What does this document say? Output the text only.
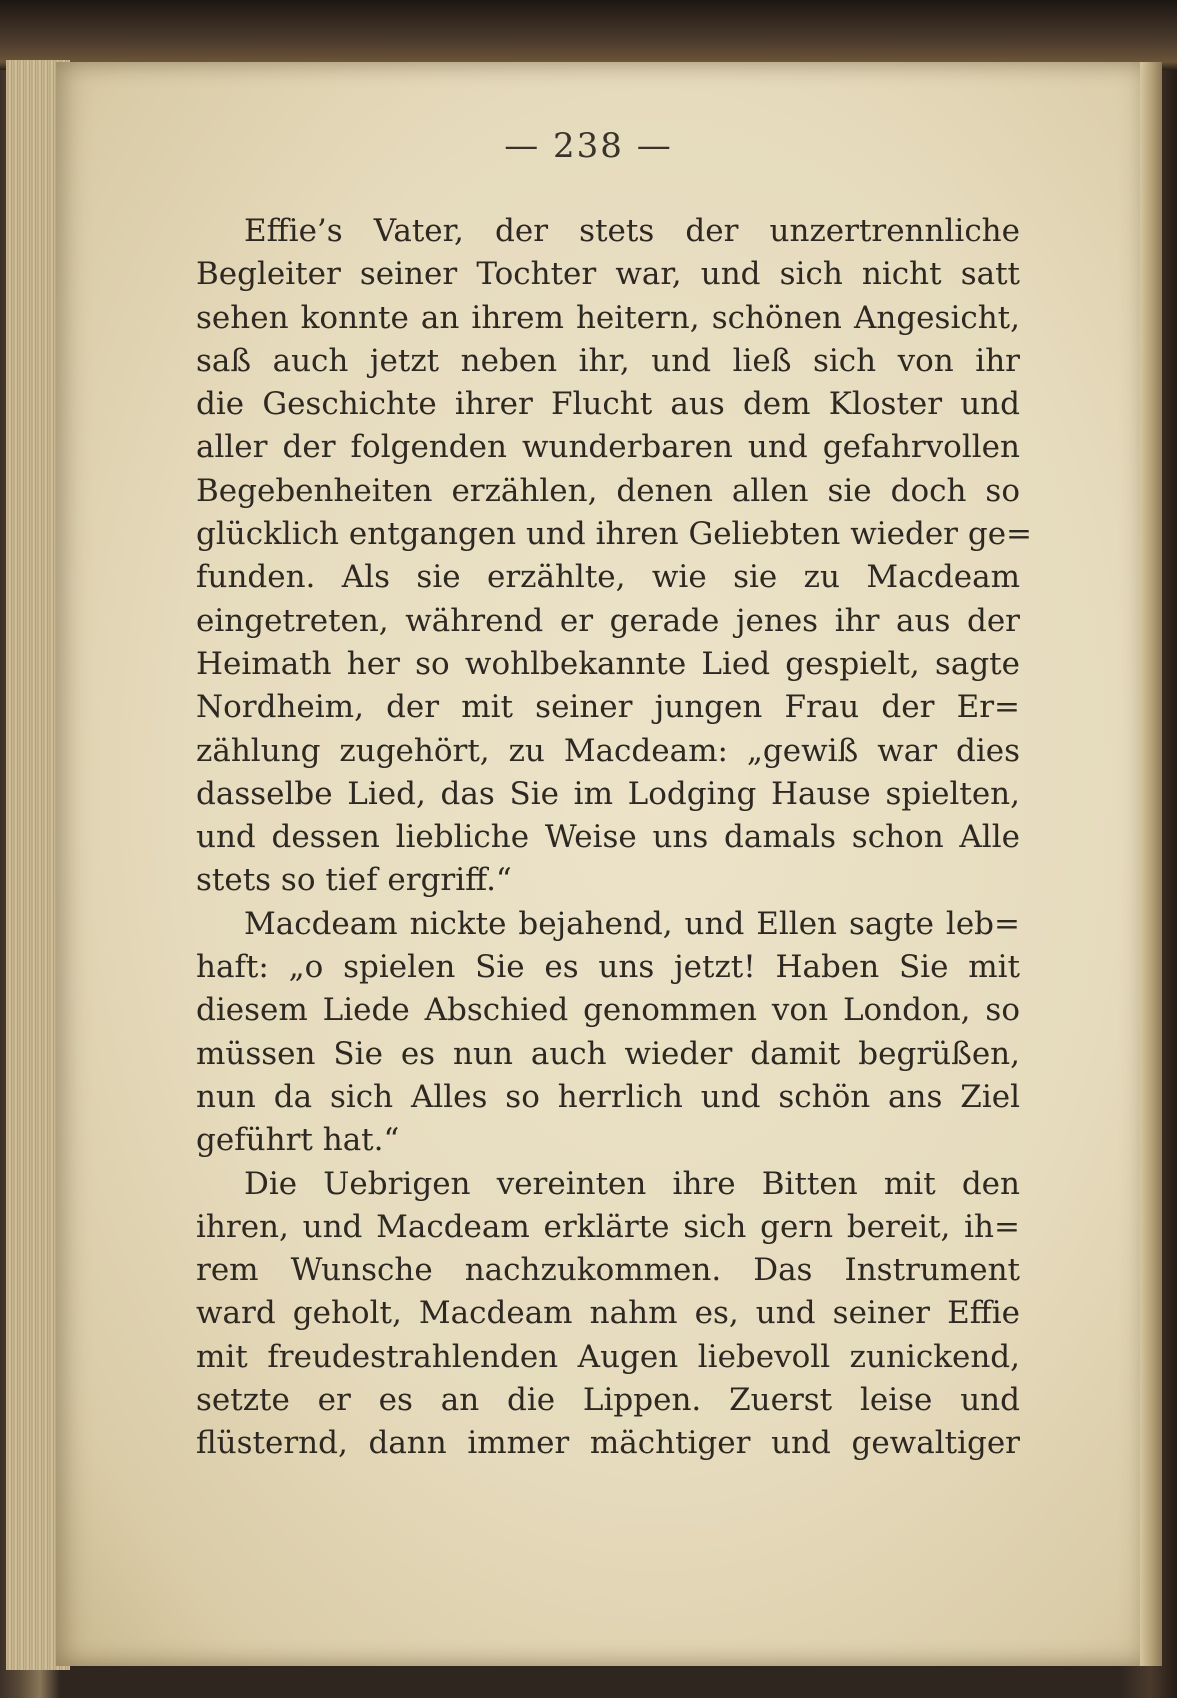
— 238 —
Effie’s Vater, der stets der unzertrennliche
Begleiter seiner Tochter war, und sich nicht satt
sehen konnte an ihrem heitern, schönen Angesicht,
saß auch jetzt neben ihr, und ließ sich von ihr
die Geschichte ihrer Flucht aus dem Kloster und
aller der folgenden wunderbaren und gefahrvollen
Begebenheiten erzählen, denen allen sie doch so
glücklich entgangen und ihren Geliebten wieder ge=
funden. Als sie erzählte, wie sie zu Macdeam
eingetreten, während er gerade jenes ihr aus der
Heimath her so wohlbekannte Lied gespielt, sagte
Nordheim, der mit seiner jungen Frau der Er=
zählung zugehört, zu Macdeam: „gewiß war dies
dasselbe Lied, das Sie im Lodging Hause spielten,
und dessen liebliche Weise uns damals schon Alle
stets so tief ergriff.“
Macdeam nickte bejahend, und Ellen sagte leb=
haft: „o spielen Sie es uns jetzt! Haben Sie mit
diesem Liede Abschied genommen von London, so
müssen Sie es nun auch wieder damit begrüßen,
nun da sich Alles so herrlich und schön ans Ziel
geführt hat.“
Die Uebrigen vereinten ihre Bitten mit den
ihren, und Macdeam erklärte sich gern bereit, ih=
rem Wunsche nachzukommen. Das Instrument
ward geholt, Macdeam nahm es, und seiner Effie
mit freudestrahlenden Augen liebevoll zunickend,
setzte er es an die Lippen. Zuerst leise und
flüsternd, dann immer mächtiger und gewaltiger
